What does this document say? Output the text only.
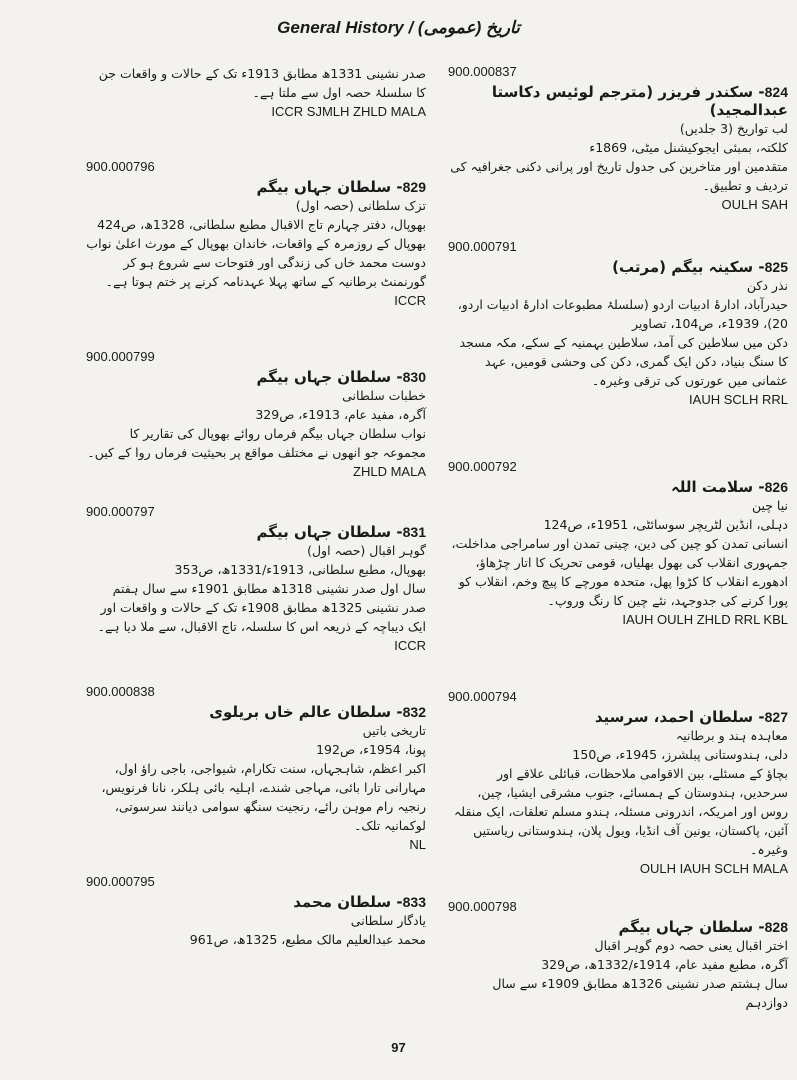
General History / (عمومی) تاریخ
900.000837
824- سکندر فریزر (مترجم لوئیس دکاستا عبدالمجید)
لب تواریخ (3 جلدیں)
کلکتہ، بمبئی ایجوکیشنل میٹی، 1869ء
متقدمین اور متاخرین کی جدول تاریخ اور پرانی دکنی جغرافیہ کی تردیف و تطبیق۔
OULH SAH
900.000791
825- سکینہ بیگم (مرتب)
نذر دکن
حیدرآباد، ادارۂ ادبیات اردو (سلسلۂ مطبوعات ادارۂ ادبیات اردو، 20)، 1939ء، ص104، تصاویر
دکن میں سلاطین کی آمد، سلاطین بہمنیہ کے سکے، مکہ مسجد کا سنگ بنیاد، دکن ایک گمری، دکن کی وحشی قومیں، عہد عثمانی میں عورتوں کی ترقی وغیرہ۔
IAUH SCLH RRL
900.000792
826- سلامت اللہ
نیا چین
دہلی، انڈین لٹریچر سوسائٹی، 1951ء، ص124
انسانی تمدن کو چین کی دین، چینی تمدن اور سامراجی مداخلت، جمہوری انقلاب کی بھول بھلیاں، قومی تحریک کا اتار چڑھاؤ، ادھورے انقلاب کا کڑوا پھل، متحدہ مورچے کا پیچ وخم، انقلاب کو پورا کرنے کی جدوجہد، نئے چین کا رنگ وروپ۔
IAUH OULH ZHLD RRL KBL
900.000794
827- سلطان احمد، سرسید
معاہدہ ہند و برطانیہ
دلی، ہندوستانی پبلشرز، 1945ء، ص150
بچاؤ کے مسئلے، بین الاقوامی ملاحظات، قبائلی علاقے اور سرحدیں، ہندوستان کے ہمسائے، جنوب مشرقی ایشیا، چین، روس اور امریکہ، اندرونی مسئلہ، ہندو مسلم تعلقات، ایک منقلہ آئین، پاکستان، یونین آف انڈیا، ویول پلان، ہندوستانی ریاستیں وغیرہ۔
OULH IAUH SCLH MALA
900.000798
828- سلطان جہاں بیگم
اختر اقبال یعنی حصہ دوم گوہر اقبال
آگرہ، مطبع مفید عام، 1914ء/1332ھ، ص329
سال ہشتم صدر نشینی 1326ھ مطابق 1909ء سے سال دوازدہم
صدر نشینی 1331ھ مطابق 1913ء تک کے حالات و واقعات جن کا سلسلۂ حصہ اول سے ملتا ہے۔
ICCR SJMLH ZHLD MALA
900.000796
829- سلطان جہاں بیگم
تزک سلطانی (حصہ اول)
بھوپال، دفتر چہارم تاج الاقبال مطبع سلطانی، 1328ھ، ص424
بھوپال کے روزمرہ کے واقعات، خاندان بھوپال کے مورث اعلیٰ نواب دوست محمد خاں کی زندگی اور فتوحات سے شروع ہو کر گورنمنٹ برطانیہ کے ساتھ پہلا عہدنامہ کرنے پر ختم ہوتا ہے۔
ICCR
900.000799
830- سلطان جہاں بیگم
خطبات سلطانی
آگرہ، مفید عام، 1913ء، ص329
نواب سلطان جہاں بیگم فرماں روائے بھوپال کی تقاریر کا مجموعہ جو انھوں نے مختلف مواقع پر بحیثیت فرماں روا کے کیں۔
ZHLD MALA
900.000797
831- سلطان جہاں بیگم
گوہر اقبال (حصہ اول)
بھوپال، مطبع سلطانی، 1913ء/1331ھ، ص353
سال اول صدر نشینی 1318ھ مطابق 1901ء سے سال ہفتم صدر نشینی 1325ھ مطابق 1908ء تک کے حالات و واقعات اور ایک دیباچہ کے ذریعہ اس کا سلسلہ، تاج الاقبال، سے ملا دیا ہے۔
ICCR
900.000838
832- سلطان عالم خاں بریلوی
تاریخی باتیں
پونا، 1954ء، ص192
اکبر اعظم، شاہجہاں، سنت تکارام، شیواجی، باجی راؤ اول، مہارانی تارا بائی، مہاجی شندے، اہلیہ بائی ہلکر، نانا فرنویس، رنجیہ رام موہن رائے، رنجیت سنگھ سوامی دیانند سرسوتی، لوکمانیہ تلک۔
NL
900.000795
833- سلطان محمد
یادگار سلطانی
محمد عبدالعلیم مالک مطبع، 1325ھ، ص961
97
